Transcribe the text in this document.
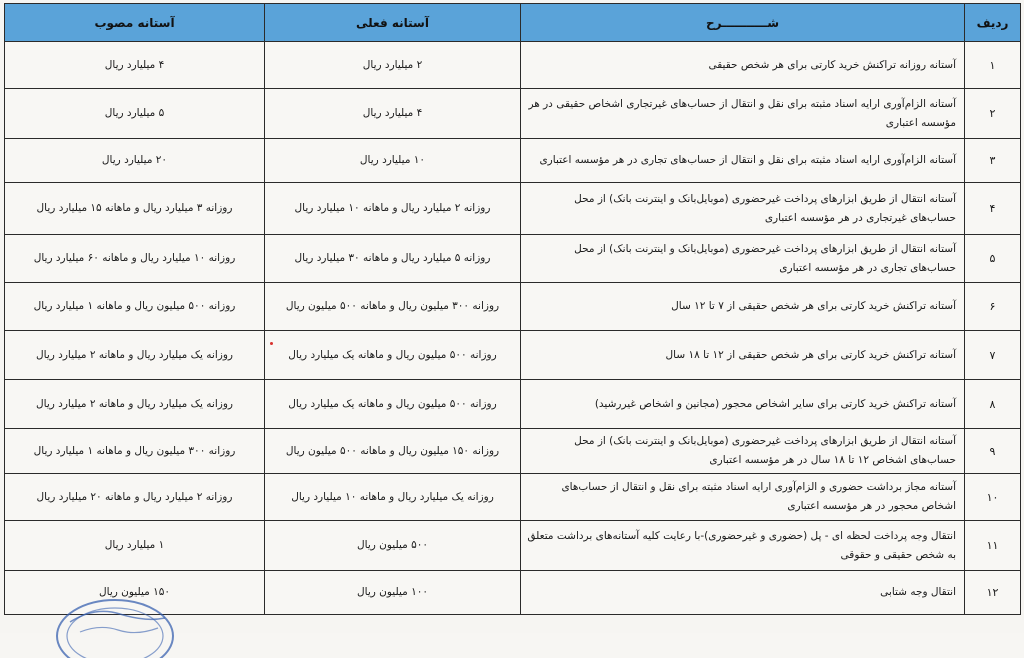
ردیف	شـــــــــــرح	آستانه فعلی	آستانه مصوب
۱	آستانه روزانه تراکنش خرید کارتی برای هر شخص حقیقی	۲ میلیارد ریال	۴ میلیارد ریال
۲	آستانه الزام‌آوری ارایه اسناد مثبته برای نقل و انتقال از حساب‌های غیرتجاری اشخاص حقیقی در هر مؤسسه اعتباری	۴ میلیارد ریال	۵ میلیارد ریال
۳	آستانه الزام‌آوری ارایه اسناد مثبته برای نقل و انتقال از حساب‌های تجاری در هر مؤسسه اعتباری	۱۰ میلیارد ریال	۲۰ میلیارد ریال
۴	آستانه انتقال از طریق ابزارهای پرداخت غیرحضوری (موبایل‌بانک و اینترنت بانک) از محل حساب‌های غیرتجاری در هر مؤسسه اعتباری	روزانه ۲ میلیارد ریال و ماهانه ۱۰ میلیارد ریال	روزانه ۳ میلیارد ریال و ماهانه ۱۵ میلیارد ریال
۵	آستانه انتقال از طریق ابزارهای پرداخت غیرحضوری (موبایل‌بانک و اینترنت بانک) از محل حساب‌های تجاری در هر مؤسسه اعتباری	روزانه ۵ میلیارد ریال و ماهانه ۳۰ میلیارد ریال	روزانه ۱۰ میلیارد ریال و ماهانه ۶۰ میلیارد ریال
۶	آستانه تراکنش خرید کارتی برای هر شخص حقیقی از ۷ تا ۱۲ سال	روزانه ۳۰۰ میلیون ریال و ماهانه ۵۰۰ میلیون ریال	روزانه ۵۰۰ میلیون ریال و ماهانه ۱ میلیارد ریال
۷	آستانه تراکنش خرید کارتی برای هر شخص حقیقی از ۱۲ تا ۱۸ سال	روزانه ۵۰۰ میلیون ریال و ماهانه یک میلیارد ریال	روزانه یک میلیارد ریال و ماهانه ۲ میلیارد ریال
۸	آستانه تراکنش خرید کارتی برای سایر اشخاص محجور (مجانین و اشخاص غیررشید)	روزانه ۵۰۰ میلیون ریال و ماهانه یک میلیارد ریال	روزانه یک میلیارد ریال و ماهانه ۲ میلیارد ریال
۹	آستانه انتقال از طریق ابزارهای پرداخت غیرحضوری (موبایل‌بانک و اینترنت بانک) از محل حساب‌های اشخاص ۱۲ تا ۱۸ سال در هر مؤسسه اعتباری	روزانه ۱۵۰ میلیون ریال و ماهانه ۵۰۰ میلیون ریال	روزانه ۳۰۰ میلیون ریال و ماهانه ۱ میلیارد ریال
۱۰	آستانه مجاز برداشت حضوری و الزام‌آوری ارایه اسناد مثبته برای نقل و انتقال از حساب‌های اشخاص محجور در هر مؤسسه اعتباری	روزانه یک میلیارد ریال و ماهانه ۱۰ میلیارد ریال	روزانه ۲ میلیارد ریال و ماهانه ۲۰ میلیارد ریال
۱۱	انتقال وجه پرداخت لحظه ای - پل (حضوری و غیرحضوری)-با رعایت کلیه آستانه‌های برداشت متعلق به شخص حقیقی و حقوقی	۵۰۰ میلیون ریال	۱ میلیارد ریال
۱۲	انتقال وجه شتابی	۱۰۰ میلیون ریال	۱۵۰ میلیون ریال
